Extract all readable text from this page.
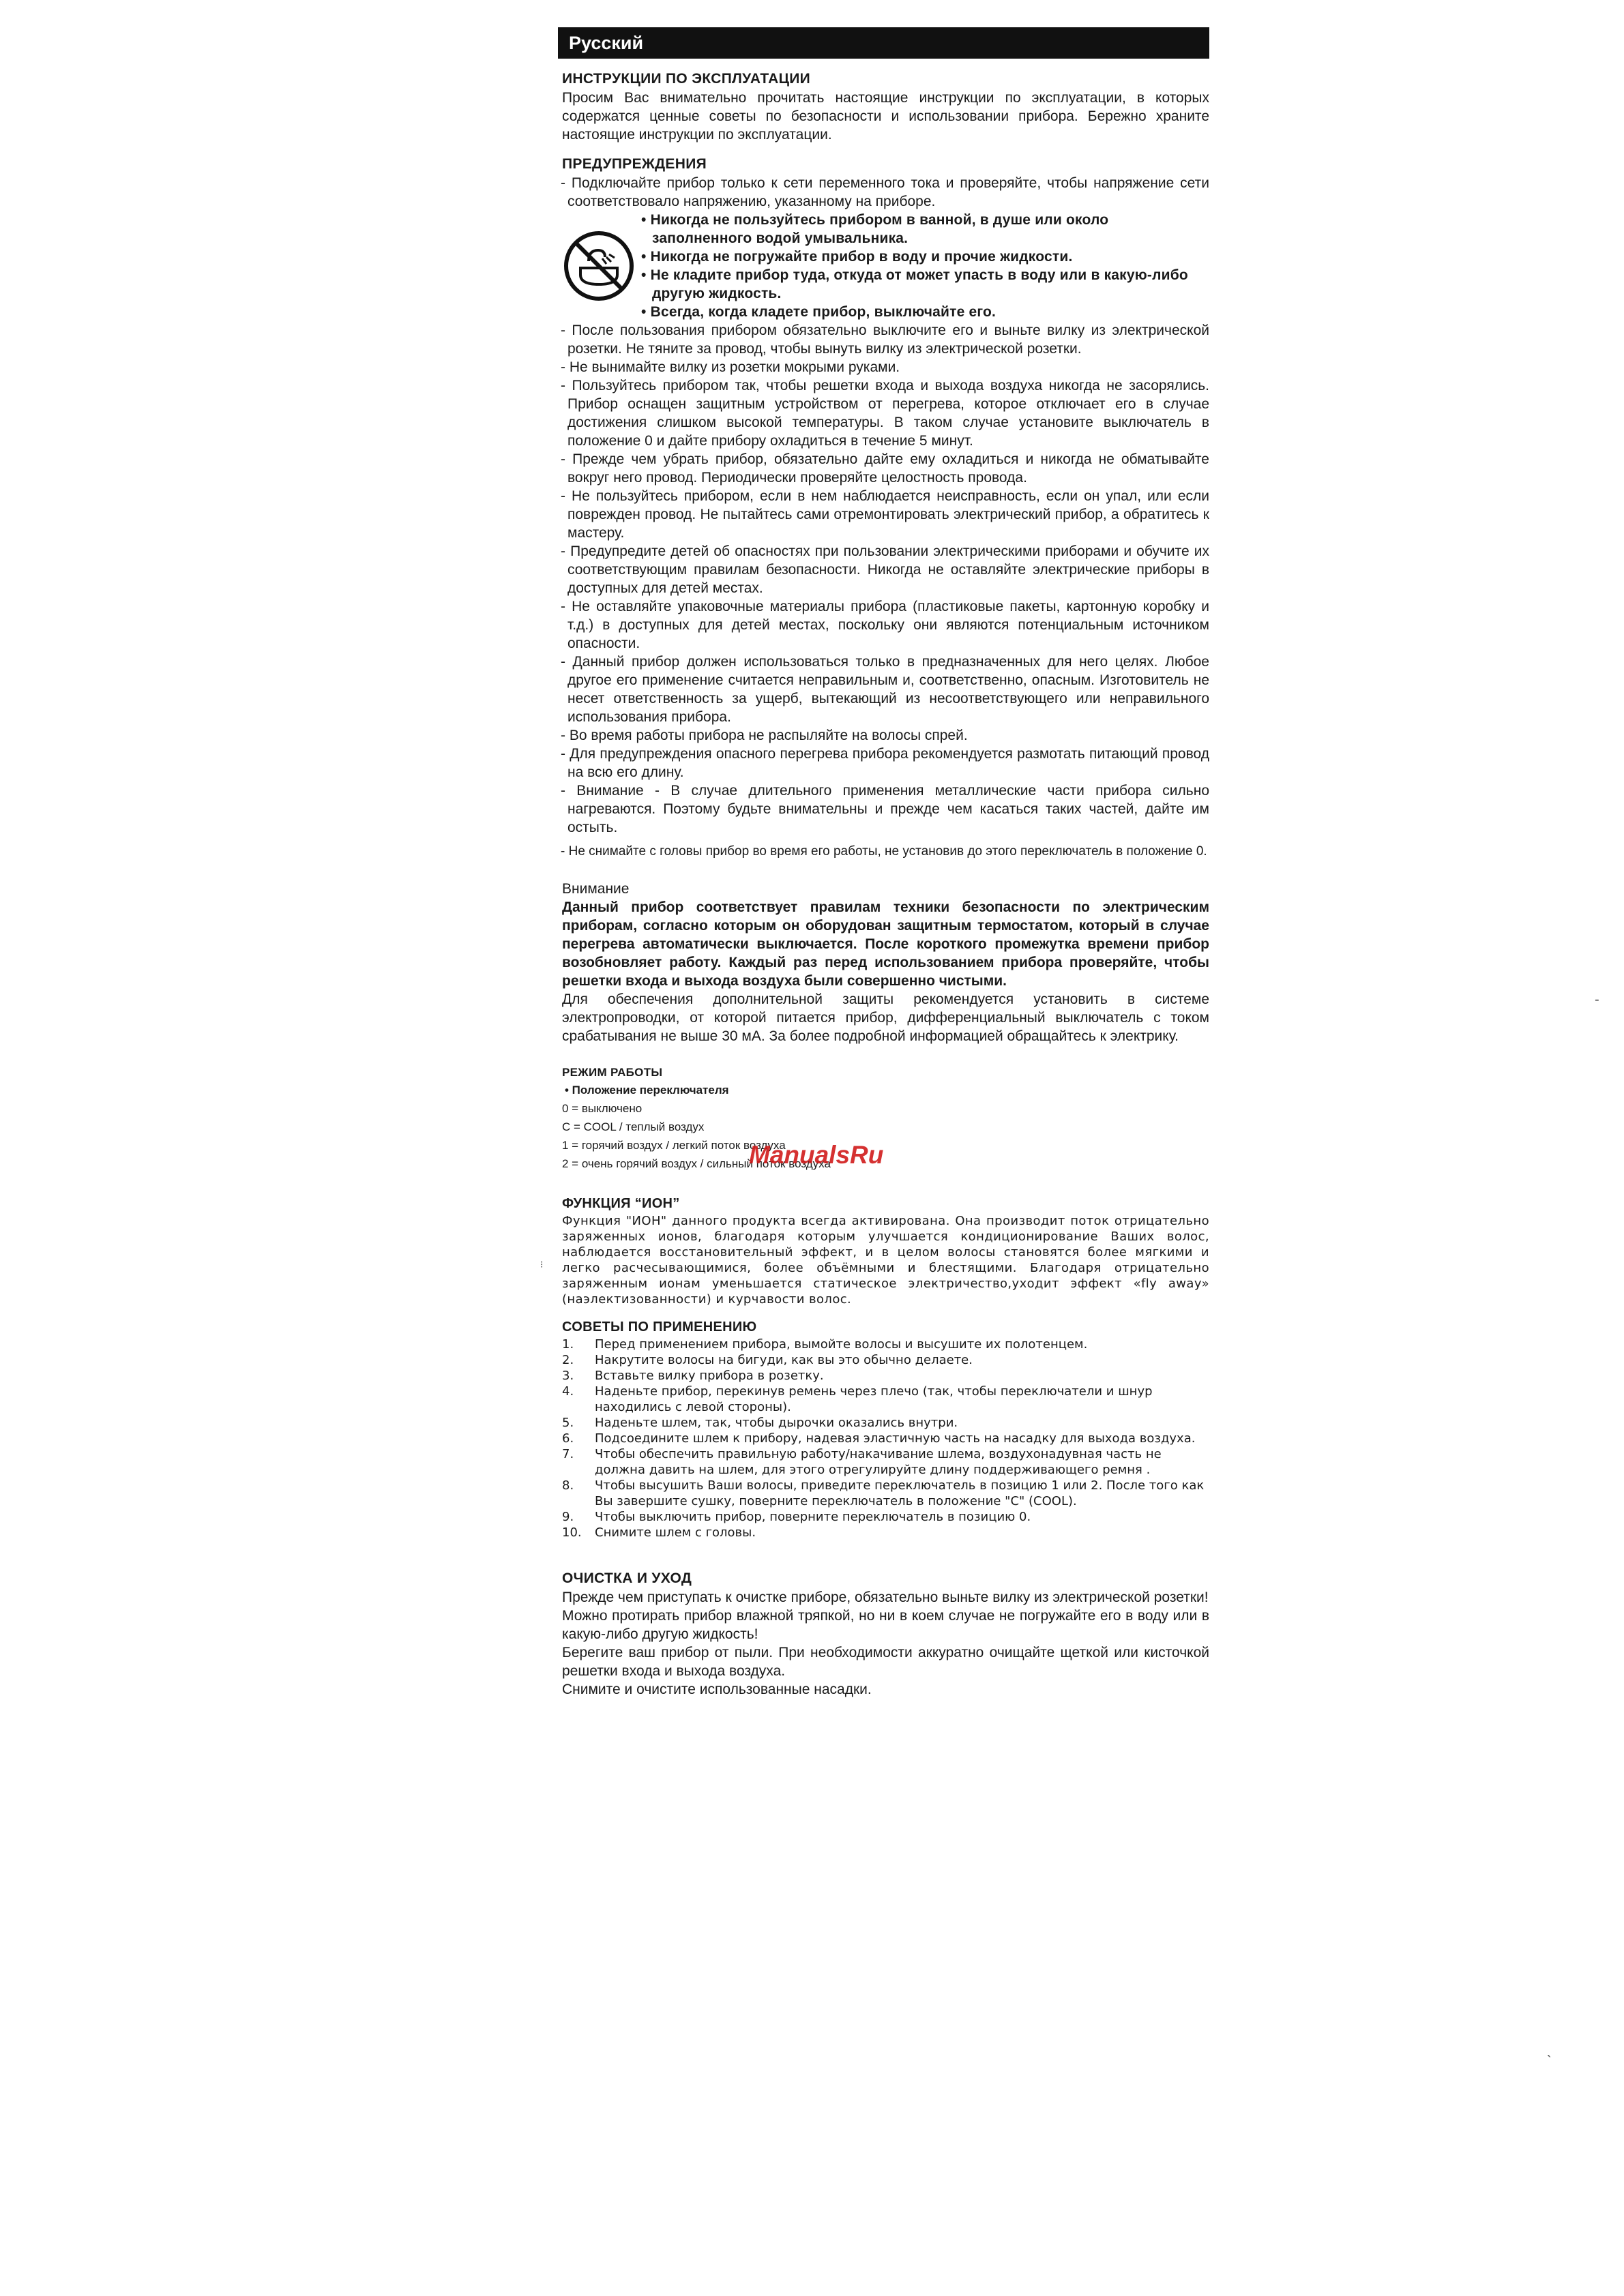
Русский
ИНСТРУКЦИИ ПО ЭКСПЛУАТАЦИИ

Просим Вас внимательно прочитать настоящие инструкции по эксплуатации, в которых содержатся ценные советы по безопасности и использовании прибора. Бережно храните настоящие инструкции по эксплуатации.

ПРЕДУПРЕЖДЕНИЯ

- Подключайте прибор только к сети переменного тока и проверяйте, чтобы напряжение сети соответствовало напряжению, указанному на приборе.

• Никогда не пользуйтесь прибором в ванной, в душе или около заполненного водой умывальника.

• Никогда не погружайте прибор в воду и прочие жидкости.

• Не кладите прибор туда, откуда от может упасть в воду или в какую-либо другую жидкость.

• Всегда, когда кладете прибор, выключайте его.

- После пользования прибором обязательно выключите его и выньте вилку из электрической розетки. Не тяните за провод, чтобы вынуть вилку из электрической розетки.

- Не вынимайте вилку из розетки мокрыми руками.

- Пользуйтесь прибором так, чтобы решетки входа и выхода воздуха никогда не засорялись. Прибор оснащен защитным устройством от перегрева, которое отключает его в случае достижения слишком высокой температуры. В таком случае установите выключатель в положение 0 и дайте прибору охладиться в течение 5 минут.

- Прежде чем убрать прибор, обязательно дайте ему охладиться и никогда не обматывайте вокруг него провод. Периодически проверяйте целостность провода.

- Не пользуйтесь прибором, если в нем наблюдается неисправность, если он упал, или если поврежден провод. Не пытайтесь сами отремонтировать электрический прибор, а обратитесь к мастеру.

- Предупредите детей об опасностях при пользовании электрическими приборами и обучите их соответствующим правилам безопасности. Никогда не оставляйте электрические приборы в доступных для детей местах.

- Не оставляйте упаковочные материалы прибора (пластиковые пакеты, картонную коробку и т.д.) в доступных для детей местах, поскольку они являются потенциальным источником опасности.

- Данный прибор должен использоваться только в предназначенных для него целях. Любое другое его применение считается неправильным и, соответственно, опасным. Изготовитель не несет ответственность за ущерб, вытекающий из несоответствующего или неправильного использования прибора.

- Во время работы прибора не распыляйте на волосы спрей.

- Для предупреждения опасного перегрева прибора рекомендуется размотать питающий провод на всю его длину.

- Внимание - В случае длительного применения металлические части прибора сильно нагреваются. Поэтому будьте внимательны и прежде чем касаться таких частей, дайте им остыть.

- Не снимайте с головы прибор во время его работы, не установив до этого переключатель в положение 0.

Внимание

Данный прибор соответствует правилам техники безопасности по электрическим приборам, согласно которым он оборудован защитным термостатом, который в случае перегрева автоматически выключается. После короткого промежутка времени прибор возобновляет работу. Каждый раз перед использованием прибора проверяйте, чтобы решетки входа и выхода воздуха были совершенно чистыми.

Для обеспечения дополнительной защиты рекомендуется установить в системе электропроводки, от которой питается прибор, дифференциальный выключатель с током срабатывания не выше 30 мА. За более подробной информацией обращайтесь к электрику.

РЕЖИМ РАБОТЫ

• Положение переключателя

0 = выключено

C = COOL / теплый воздух

1 = горячий воздух / легкий поток воздуха

2 = очень горячий воздух / сильный поток воздуха

ФУНКЦИЯ “ИОН”

Функция "ИОН" данного продукта всегда активирована. Она производит поток отрицательно заряженных ионов, благодаря которым улучшается кондиционирование Ваших волос, наблюдается восстановительный эффект, и в целом волосы становятся более мягкими и легко расчесывающимися, более объёмными и блестящими. Благодаря отрицательно заряженным ионам уменьшается статическое электричество,уходит эффект «fly away» (наэлектизованности) и курчавости волос.

СОВЕТЫ ПО ПРИМЕНЕНИЮ
1.	Перед применением прибора, вымойте волосы и высушите их полотенцем.
2.	Накрутите волосы на бигуди, как вы это обычно делаете.
3.	Вставьте вилку прибора в розетку.
4.	Наденьте прибор, перекинув ремень через плечо (так, чтобы переключатели и шнур находились с левой стороны).
5.	Наденьте шлем, так, чтобы дырочки оказались внутри.
6.	Подсоедините шлем к прибору, надевая эластичную часть на насадку для выхода воздуха.
7.	Чтобы обеспечить правильную работу/накачивание шлема, воздухонадувная часть не должна давить на шлем, для этого отрегулируйте длину поддерживающего ремня .
8.	Чтобы высушить Ваши волосы, приведите переключатель в позицию 1 или 2. После того как Вы завершите сушку, поверните переключатель в положение "C" (COOL).
9.	Чтобы выключить прибор, поверните переключатель в позицию 0.
10.	Снимите шлем с головы.
ОЧИСТКА И УХОД

Прежде чем приступать к очистке приборе, обязательно выньте вилку из электрической розетки!

Можно протирать прибор влажной тряпкой, но ни в коем случае не погружайте его в воду или в какую-либо другую жидкость!

Берегите ваш прибор от пыли. При необходимости аккуратно очищайте щеткой или кисточкой решетки входа и выхода воздуха.

Снимите и очистите использованные насадки.

ManualsRu
-
`
⁝
